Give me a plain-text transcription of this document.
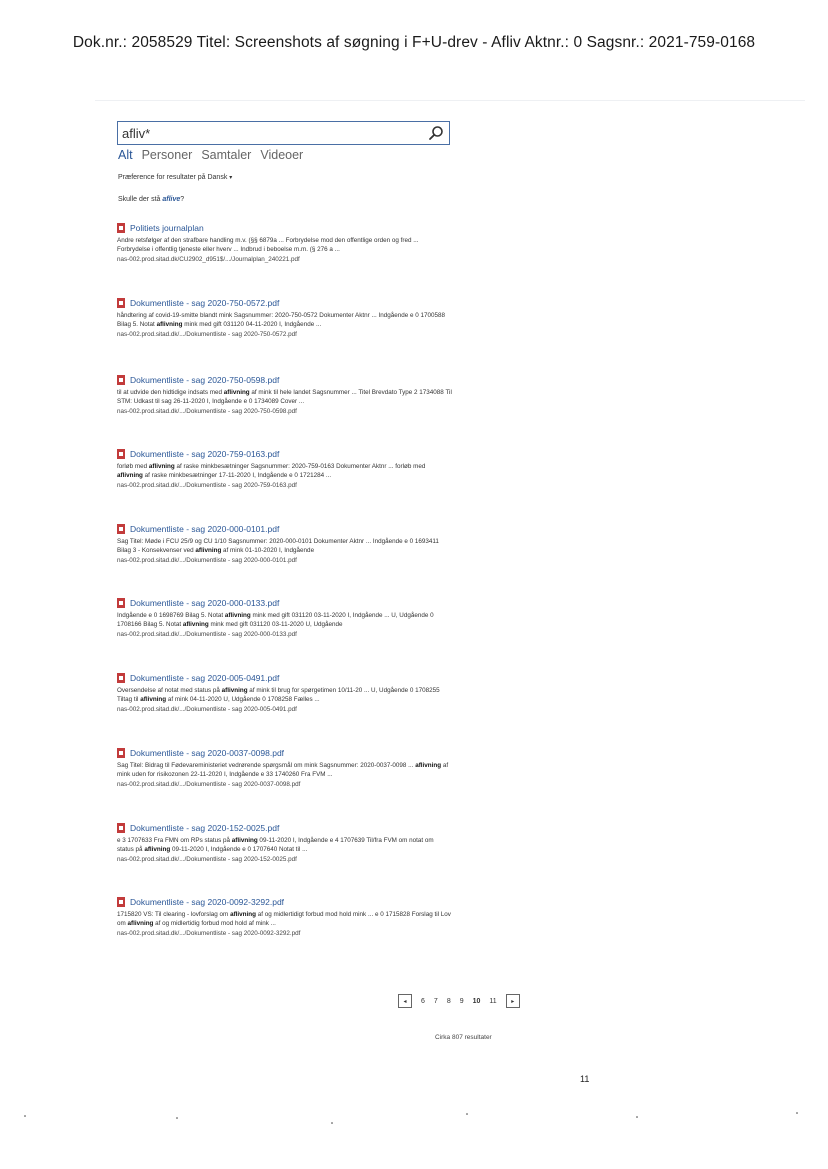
Dok.nr.: 2058529 Titel: Screenshots af søgning i F+U-drev - Afliv Aktnr.: 0 Sagsnr.: 2021-759-0168
afliv*
Alt Personer Samtaler Videoer
Præference for resultater på Dansk ▾
Skulle der stå aflive?
Politiets journalplan
Andre retsfølger af den strafbare handling m.v. (§§ 6879a ... Forbrydelse mod den offentlige orden og fred ... Forbrydelse i offentlig tjeneste eller hverv ... Indbrud i beboelse m.m. (§ 276 a ...
nas-002.prod.sitad.dk/CU2902_d951$/.../Journalplan_240221.pdf
Dokumentliste - sag 2020-750-0572.pdf
håndtering af covid-19-smitte blandt mink Sagsnummer: 2020-750-0572 Dokumenter Aktnr ... Indgående e 0 1700588 Bilag 5. Notat aflivning mink med gift 031120 04-11-2020 I, Indgående ...
nas-002.prod.sitad.dk/.../Dokumentliste - sag 2020-750-0572.pdf
Dokumentliste - sag 2020-750-0598.pdf
til at udvide den hidtidige indsats med aflivning af mink til hele landet Sagsnummer ... Titel Brevdato Type 2 1734088 Til STM: Udkast til sag 26-11-2020 I, Indgående e 0 1734089 Cover ...
nas-002.prod.sitad.dk/.../Dokumentliste - sag 2020-750-0598.pdf
Dokumentliste - sag 2020-759-0163.pdf
forløb med aflivning af raske minkbesætninger Sagsnummer: 2020-759-0163 Dokumenter Aktnr ... forløb med aflivning af raske minkbesætninger 17-11-2020 I, Indgående e 0 1721284 ...
nas-002.prod.sitad.dk/.../Dokumentliste - sag 2020-759-0163.pdf
Dokumentliste - sag 2020-000-0101.pdf
Sag Titel: Møde i FCU 25/9 og CU 1/10 Sagsnummer: 2020-000-0101 Dokumenter Aktnr ... Indgående e 0 1693411 Bilag 3 - Konsekvenser ved aflivning af mink 01-10-2020 I, Indgående
nas-002.prod.sitad.dk/.../Dokumentliste - sag 2020-000-0101.pdf
Dokumentliste - sag 2020-000-0133.pdf
Indgående e 0 1698769 Bilag 5. Notat aflivning mink med gift 031120 03-11-2020 I, Indgående ... U, Udgående 0 1708166 Bilag 5. Notat aflivning mink med gift 031120 03-11-2020 U, Udgående
nas-002.prod.sitad.dk/.../Dokumentliste - sag 2020-000-0133.pdf
Dokumentliste - sag 2020-005-0491.pdf
Oversendelse af notat med status på aflivning af mink til brug for spørgetimen 10/11-20 ... U, Udgående 0 1708255 Tiltag til aflivning af mink 04-11-2020 U, Udgående 0 1708258 Fælles ...
nas-002.prod.sitad.dk/.../Dokumentliste - sag 2020-005-0491.pdf
Dokumentliste - sag 2020-0037-0098.pdf
Sag Titel: Bidrag til Fødevareministeriet vedrørende spørgsmål om mink Sagsnummer: 2020-0037-0098 ... aflivning af mink uden for risikozonen 22-11-2020 I, Indgående e 33 1740260 Fra FVM ...
nas-002.prod.sitad.dk/.../Dokumentliste - sag 2020-0037-0098.pdf
Dokumentliste - sag 2020-152-0025.pdf
e 3 1707633 Fra FMN om RPs status på aflivning 09-11-2020 I, Indgående e 4 1707639 Til/fra FVM om notat om status på aflivning 09-11-2020 I, Indgående e 0 1707640 Notat til ...
nas-002.prod.sitad.dk/.../Dokumentliste - sag 2020-152-0025.pdf
Dokumentliste - sag 2020-0092-3292.pdf
1715820 VS: Til clearing - lovforslag om aflivning af og midlertidigt forbud mod hold mink ... e 0 1715828 Forslag til Lov om aflivning af og midlertidig forbud mod hold af mink ...
nas-002.prod.sitad.dk/.../Dokumentliste - sag 2020-0092-3292.pdf
◂	6 7 8 9 10 11	▸
Cirka 807 resultater
11
